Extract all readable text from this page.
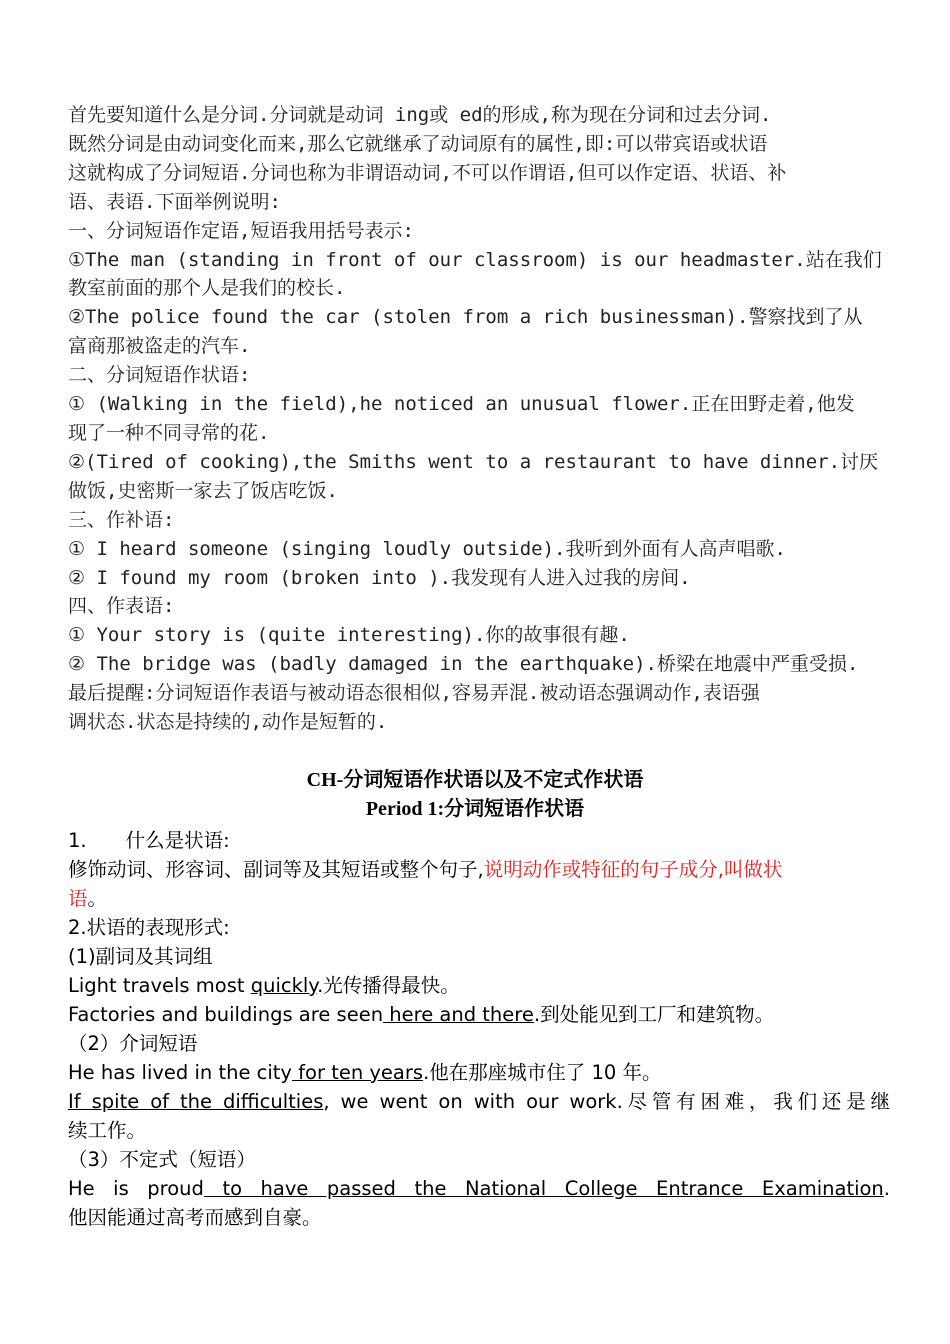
首先要知道什么是分词.分词就是动词 ing或 ed的形成,称为现在分词和过去分词.

既然分词是由动词变化而来,那么它就继承了动词原有的属性,即:可以带宾语或状语

这就构成了分词短语.分词也称为非谓语动词,不可以作谓语,但可以作定语、状语、补

语、表语.下面举例说明:

一、分词短语作定语,短语我用括号表示:

①The man (standing in front of our classroom) is our headmaster.站在我们

教室前面的那个人是我们的校长.

②The police found the car (stolen from a rich businessman).警察找到了从

富商那被盗走的汽车.

二、分词短语作状语:

① (Walking in the field),he noticed an unusual flower.正在田野走着,他发

现了一种不同寻常的花.

②(Tired of cooking),the Smiths went to a restaurant to have dinner.讨厌

做饭,史密斯一家去了饭店吃饭.

三、作补语:

① I heard someone (singing loudly outside).我听到外面有人高声唱歌.

② I found my room (broken into ).我发现有人进入过我的房间.

四、作表语:

① Your story is (quite interesting).你的故事很有趣.

② The bridge was (badly damaged in the earthquake).桥梁在地震中严重受损.

最后提醒:分词短语作表语与被动语态很相似,容易弄混.被动语态强调动作,表语强

调状态.状态是持续的,动作是短暂的.

CH-分词短语作状语以及不定式作状语
Period 1:分词短语作状语

1.　　什么是状语:

修饰动词、形容词、副词等及其短语或整个句子,说明动作或特征的句子成分,叫做状

语。

2.状语的表现形式:

(1)副词及其词组

Light travels most quickly.光传播得最快。

Factories and buildings are seen here and there.到处能见到工厂和建筑物。

（2）介词短语

He has lived in the city for ten years.他在那座城市住了 10 年。

If spite of the difficulties, we went on with our work.尽管有困难，我们还是继

续工作。

（3）不定式（短语）

He is proud to have passed the National College Entrance Examination.

他因能通过高考而感到自豪。
